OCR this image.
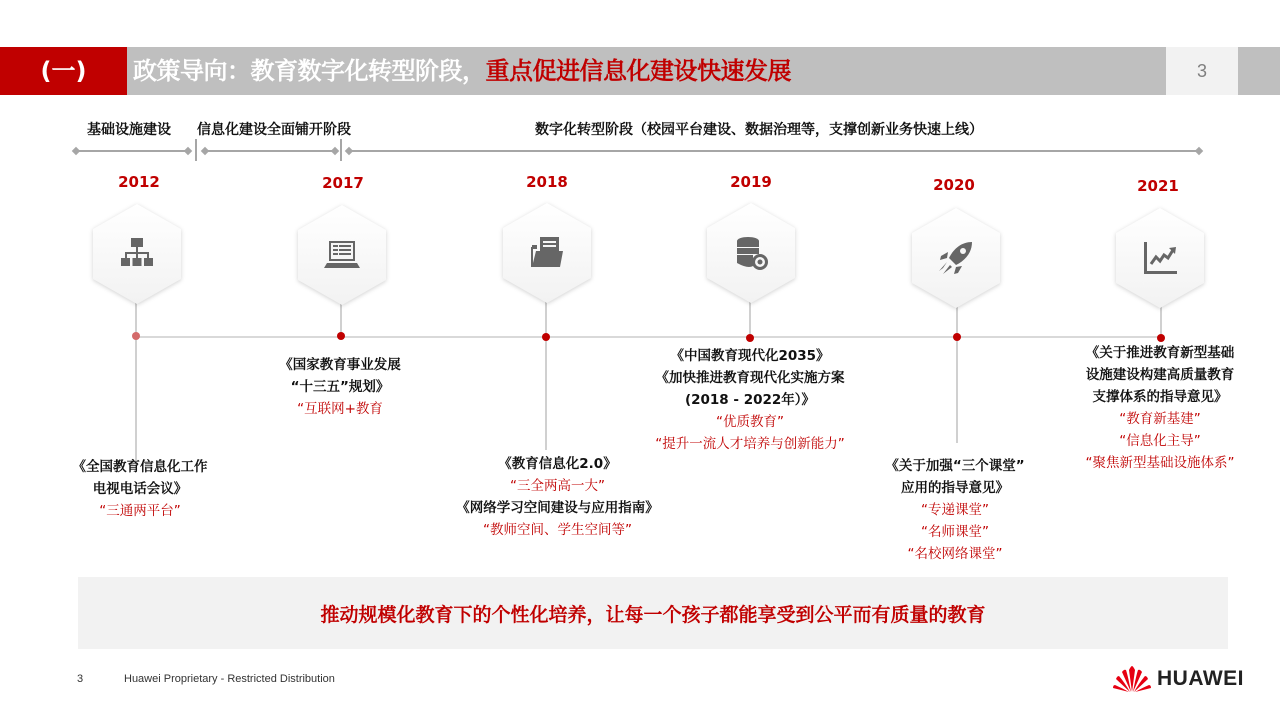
(一)	政策导向：教育数字化转型阶段，重点促进信息化建设快速发展	3
基础设施建设 信息化建设全面铺开阶段	数字化转型阶段（校园平台建设、数据治理等，支撑创新业务快速上线）
2012	2017	2018	2019	2020	2021
《全国教育信息化工作
电视电话会议》
“三通两平台”
《国家教育事业发展
“十三五”规划》
“互联网+教育
《教育信息化2.0》
“三全两高一大”
《网络学习空间建设与应用指南》
“教师空间、学生空间等”
《中国教育现代化2035》
《加快推进教育现代化实施方案
(2018 - 2022年）》
“优质教育”
“提升一流人才培养与创新能力”
《关于加强“三个课堂”
应用的指导意见》
“专递课堂”
“名师课堂”
“名校网络课堂”
《关于推进教育新型基础
设施建设构建高质量教育
支撑体系的指导意见》
“教育新基建”
“信息化主导”
“聚焦新型基础设施体系”
推动规模化教育下的个性化培养，让每一个孩子都能享受到公平而有质量的教育
3	Huawei Proprietary - Restricted Distribution	HUAWEI
